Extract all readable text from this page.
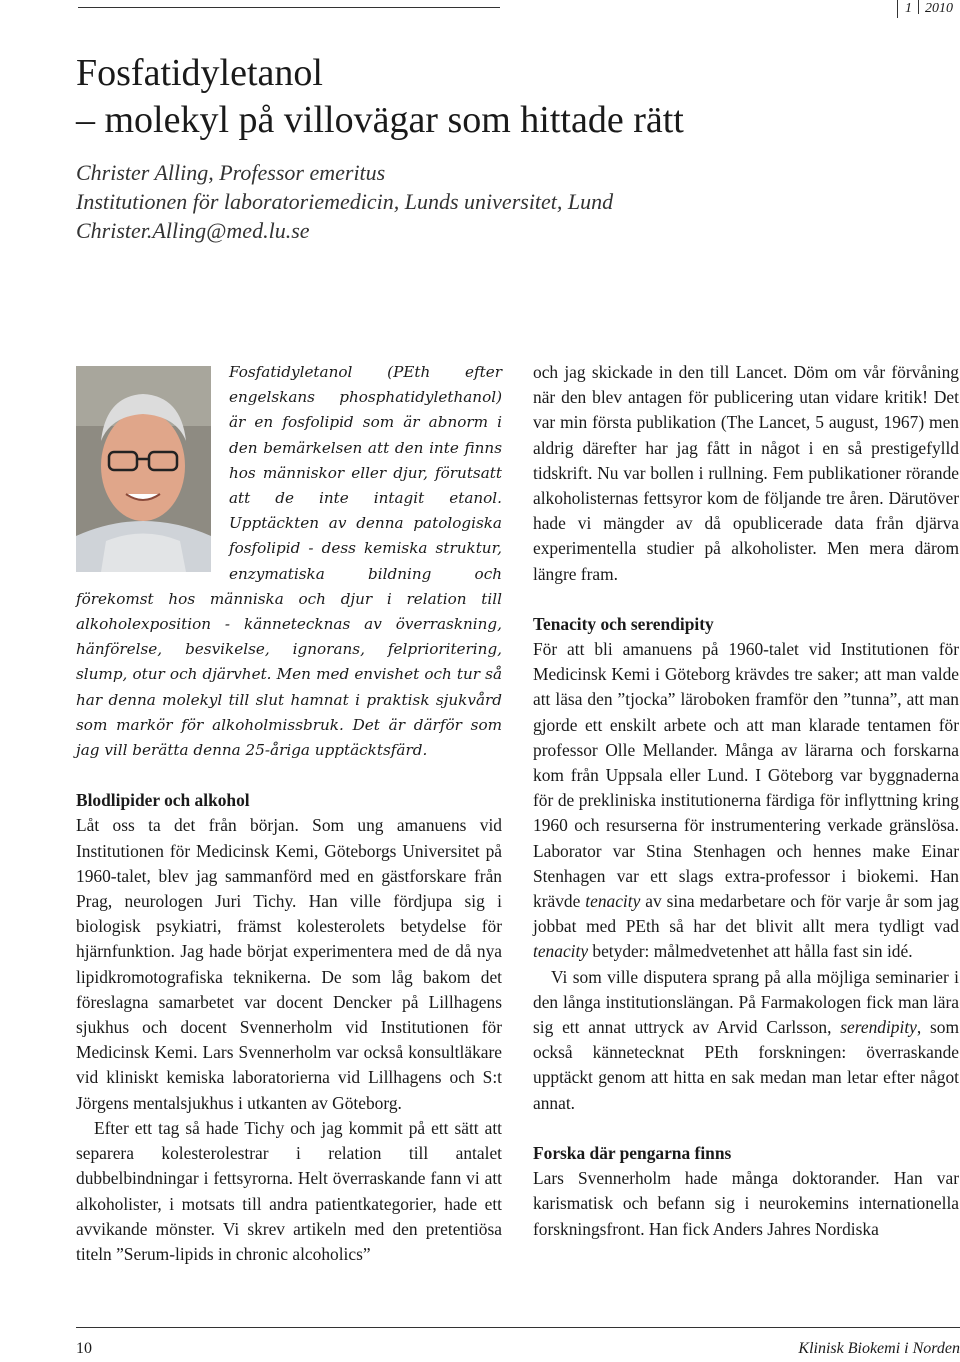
1 2010
Fosfatidyletanol
– molekyl på villovägar som hittade rätt
Christer Alling, Professor emeritus
Institutionen för laboratoriemedicin, Lunds universitet, Lund
Christer.Alling@med.lu.se

Fosfatidyletanol (PEth efter engelskans phosphatidylethanol) är en fosfolipid som är abnorm i den bemärkelsen att den inte finns hos människor eller djur, förutsatt att de inte intagit etanol. Upptäckten av denna patologiska fosfolipid - dess kemiska struktur, enzymatiska bildning och förekomst hos människa och djur i relation till alkoholexposition - kännetecknas av överraskning, hänförelse, besvikelse, ignorans, felprioritering, slump, otur och djärvhet. Men med envishet och tur så har denna molekyl till slut hamnat i praktisk sjukvård som markör för alkoholmissbruk. Det är därför som jag vill berätta denna 25-åriga upptäcktsfärd.

Blodlipider och alkohol

Låt oss ta det från början. Som ung amanuens vid Institutionen för Medicinsk Kemi, Göteborgs Universitet på 1960-talet, blev jag sammanförd med en gästforskare från Prag, neurologen Juri Tichy. Han ville fördjupa sig i biologisk psykiatri, främst kolesterolets betydelse för hjärnfunktion. Jag hade börjat experimentera med de då nya lipidkromotografiska teknikerna. De som låg bakom det föreslagna samarbetet var docent Dencker på Lillhagens sjukhus och docent Svennerholm vid Institutionen för Medicinsk Kemi. Lars Svennerholm var också konsultläkare vid kliniskt kemiska laboratorierna vid Lillhagens och S:t Jörgens mentalsjukhus i utkanten av Göteborg.

Efter ett tag så hade Tichy och jag kommit på ett sätt att separera kolesterolestrar i relation till antalet dubbelbindningar i fettsyrorna. Helt överraskande fann vi att alkoholister, i motsats till andra patientkategorier, hade ett avvikande mönster. Vi skrev artikeln med den pretentiösa titeln ”Serum-lipids in chronic alcoholics”

och jag skickade in den till Lancet. Döm om vår förvåning när den blev antagen för publicering utan vidare kritik! Det var min första publikation (The Lancet, 5 august, 1967) men aldrig därefter har jag fått in något i en så prestigefylld tidskrift. Nu var bollen i rullning. Fem publikationer rörande alkoholisternas fettsyror kom de följande tre åren. Därutöver hade vi mängder av då opublicerade data från djärva experimentella studier på alkoholister. Men mera därom längre fram.

Tenacity och serendipity

För att bli amanuens på 1960-talet vid Institutionen för Medicinsk Kemi i Göteborg krävdes tre saker; att man valde att läsa den ”tjocka” läroboken framför den ”tunna”, att man gjorde ett enskilt arbete och att man klarade tentamen för professor Olle Mellander. Många av lärarna och forskarna kom från Uppsala eller Lund. I Göteborg var byggnaderna för de prekliniska institutionerna färdiga för inflyttning kring 1960 och resurserna för instrumentering verkade gränslösa. Laborator var Stina Stenhagen och hennes make Einar Stenhagen var ett slags extra-professor i biokemi. Han krävde tenacity av sina medarbetare och för varje år som jag jobbat med PEth så har det blivit allt mera tydligt vad tenacity betyder: målmedvetenhet att hålla fast sin idé.

Vi som ville disputera sprang på alla möjliga seminarier i den långa institutionslängan. På Farmakologen fick man lära sig ett annat uttryck av Arvid Carlsson, serendipity, som också kännetecknat PEth forskningen: överraskande upptäckt genom att hitta en sak medan man letar efter något annat.

Forska där pengarna finns

Lars Svennerholm hade många doktorander. Han var karismatisk och befann sig i neurokemins internationella forskningsfront. Han fick Anders Jahres Nordiska

10	Klinisk Biokemi i Norden
